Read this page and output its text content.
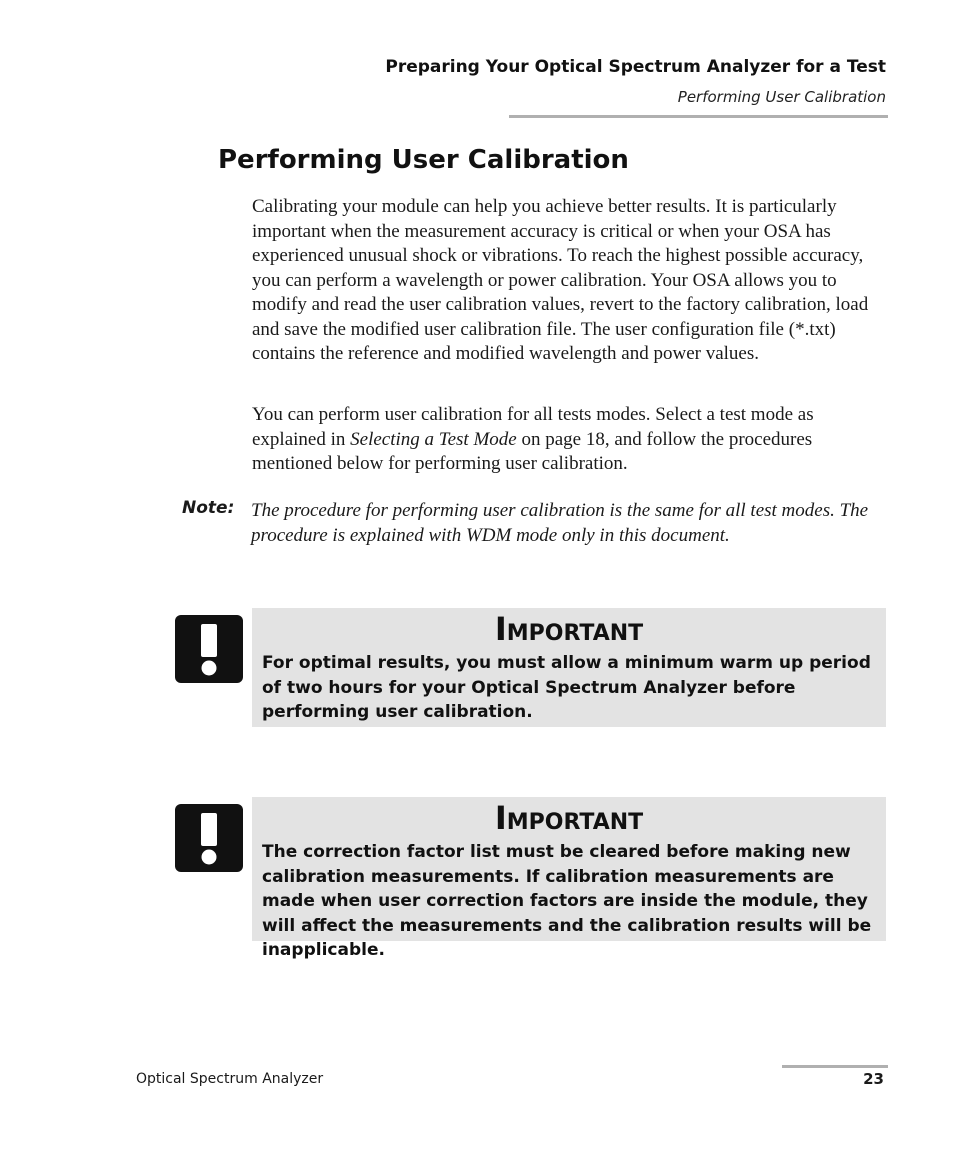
Preparing Your Optical Spectrum Analyzer for a Test
Performing User Calibration
Performing User Calibration

Calibrating your module can help you achieve better results. It is particularly important when the measurement accuracy is critical or when your OSA has experienced unusual shock or vibrations. To reach the highest possible accuracy, you can perform a wavelength or power calibration. Your OSA allows you to modify and read the user calibration values, revert to the factory calibration, load and save the modified user calibration file. The user configuration file (*.txt) contains the reference and modified wavelength and power values.

You can perform user calibration for all tests modes. Select a test mode as explained in Selecting a Test Mode on page 18, and follow the procedures mentioned below for performing user calibration.

Note: The procedure for performing user calibration is the same for all test modes. The procedure is explained with WDM mode only in this document.

Important

For optimal results, you must allow a minimum warm up period of two hours for your Optical Spectrum Analyzer before performing user calibration.

Important

The correction factor list must be cleared before making new calibration measurements. If calibration measurements are made when user correction factors are inside the module, they will affect the measurements and the calibration results will be inapplicable.

Optical Spectrum Analyzer	23
